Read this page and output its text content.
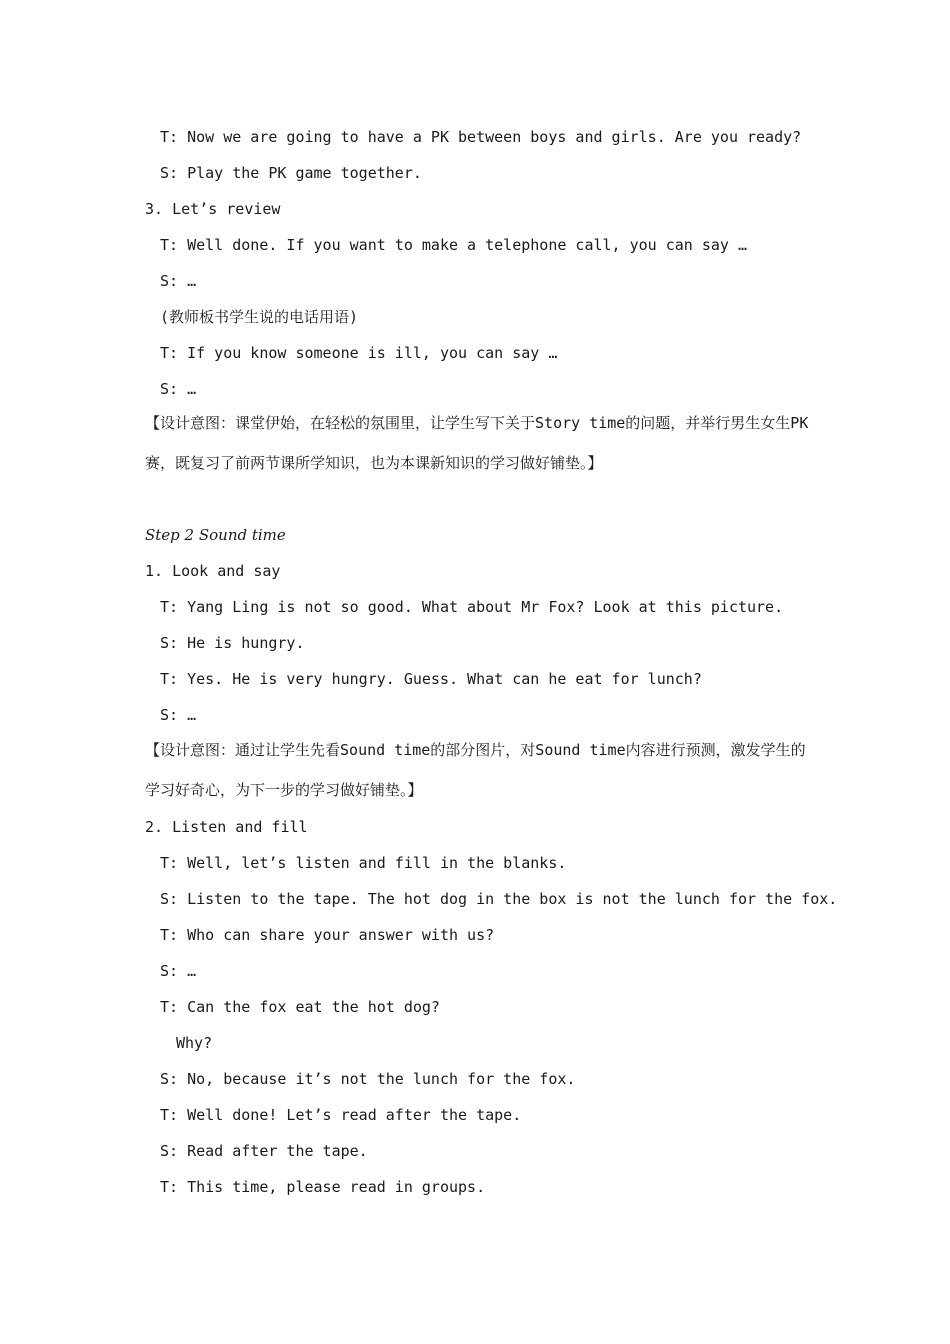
T: Now we are going to have a PK between boys and girls. Are you ready?
S: Play the PK game together.
3. Let’s review
T: Well done. If you want to make a telephone call, you can say …
S: …
(教师板书学生说的电话用语)
T: If you know someone is ill, you can say …
S: …
【设计意图：课堂伊始，在轻松的氛围里，让学生写下关于Story time的问题，并举行男生女生PK赛，既复习了前两节课所学知识，也为本课新知识的学习做好铺垫。】
Step 2 Sound time
1. Look and say
T: Yang Ling is not so good. What about Mr Fox? Look at this picture.
S: He is hungry.
T: Yes. He is very hungry. Guess. What can he eat for lunch?
S: …
【设计意图：通过让学生先看Sound time的部分图片，对Sound time内容进行预测，激发学生的学习好奇心，为下一步的学习做好铺垫。】
2. Listen and fill
T: Well, let’s listen and fill in the blanks.
S: Listen to the tape. The hot dog in the box is not the lunch for the fox.
T: Who can share your answer with us?
S: …
T: Can the fox eat the hot dog?
Why?
S: No, because it’s not the lunch for the fox.
T: Well done! Let’s read after the tape.
S: Read after the tape.
T: This time, please read in groups.
